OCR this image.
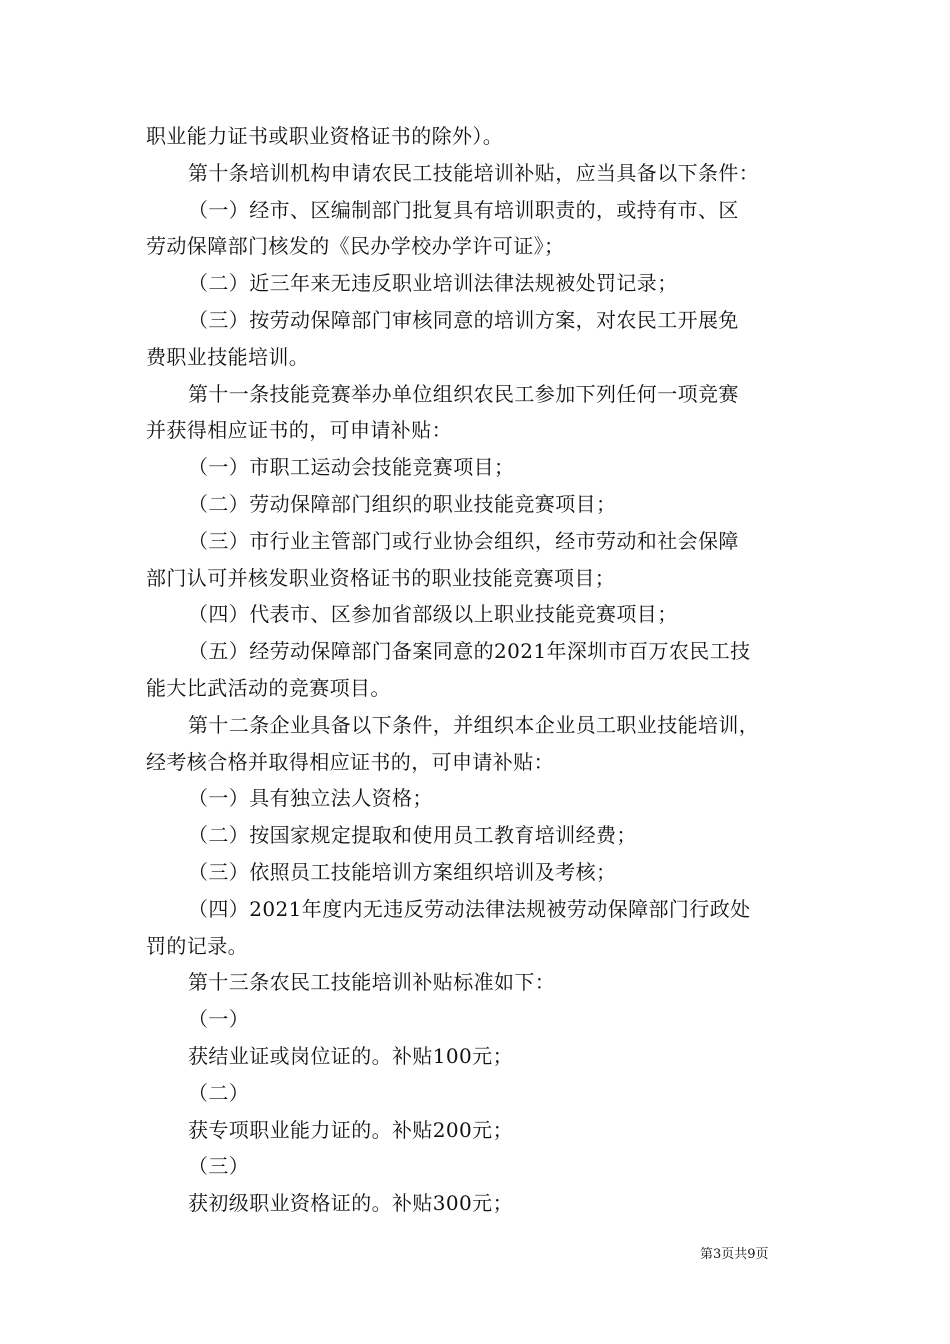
职业能力证书或职业资格证书的除外）。
第十条培训机构申请农民工技能培训补贴，应当具备以下条件：
（一）经市、区编制部门批复具有培训职责的，或持有市、区
劳动保障部门核发的《民办学校办学许可证》；
（二）近三年来无违反职业培训法律法规被处罚记录；
（三）按劳动保障部门审核同意的培训方案，对农民工开展免
费职业技能培训。
第十一条技能竞赛举办单位组织农民工参加下列任何一项竞赛
并获得相应证书的，可申请补贴：
（一）市职工运动会技能竞赛项目；
（二）劳动保障部门组织的职业技能竞赛项目；
（三）市行业主管部门或行业协会组织，经市劳动和社会保障
部门认可并核发职业资格证书的职业技能竞赛项目；
（四）代表市、区参加省部级以上职业技能竞赛项目；
（五）经劳动保障部门备案同意的2021年深圳市百万农民工技
能大比武活动的竞赛项目。
第十二条企业具备以下条件，并组织本企业员工职业技能培训，
经考核合格并取得相应证书的，可申请补贴：
（一）具有独立法人资格；
（二）按国家规定提取和使用员工教育培训经费；
（三）依照员工技能培训方案组织培训及考核；
（四）2021年度内无违反劳动法律法规被劳动保障部门行政处
罚的记录。
第十三条农民工技能培训补贴标准如下：
（一）
获结业证或岗位证的。补贴100元；
（二）
获专项职业能力证的。补贴200元；
（三）
获初级职业资格证的。补贴300元；
第3页共9页
